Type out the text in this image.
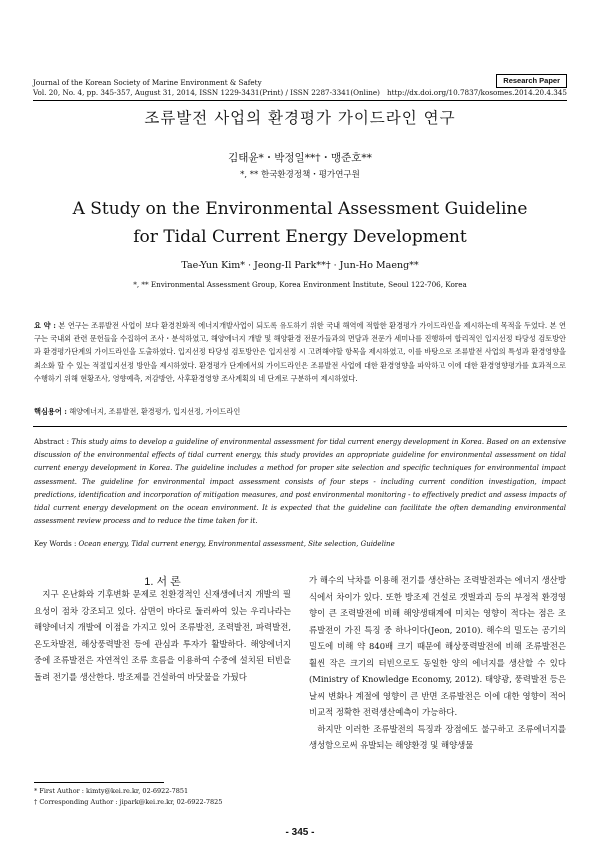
Journal of the Korean Society of Marine Environment & Safety	Research Paper
Vol. 20, No. 4, pp. 345-357, August 31, 2014, ISSN 1229-3431(Print) / ISSN 2287-3341(Online) http://dx.doi.org/10.7837/kosomes.2014.20.4.345
조류발전 사업의 환경평가 가이드라인 연구
김태윤*・박정일**†・맹준호**
*, ** 한국환경정책・평가연구원
A Study on the Environmental Assessment Guideline for Tidal Current Energy Development
Tae-Yun Kim* · Jeong-Il Park**† · Jun-Ho Maeng**
*, ** Environmental Assessment Group, Korea Environment Institute, Seoul 122-706, Korea
요 약 : 본 연구는 조류발전 사업이 보다 환경친화적 에너지개발사업이 되도록 유도하기 위한 국내 해역에 적합한 환경평가 가이드라인을 제시하는데 목적을 두었다. 본 연구는 국내외 관련 문헌들을 수집하여 조사・분석하였고, 해양에너지 개발 및 해양환경 전문가들과의 면담과 전문가 세미나를 진행하여 합리적인 입지선정 타당성 검토방안과 환경평가단계의 가이드라인을 도출하였다. 입지선정 타당성 검토방안은 입지선정 시 고려해야할 항목을 제시하였고, 이를 바탕으로 조류발전 사업의 특성과 환경영향을 최소화 할 수 있는 적절입지선정 방안을 제시하였다. 환경평가 단계에서의 가이드라인은 조류발전 사업에 대한 환경영향을 파악하고 이에 대한 환경영향평가를 효과적으로 수행하기 위해 현황조사, 영향예측, 저감방안, 사후환경영향 조사계획의 네 단계로 구분하여 제시하였다.
핵심용어 : 해양에너지, 조류발전, 환경평가, 입지선정, 가이드라인
Abstract : This study aims to develop a guideline of environmental assessment for tidal current energy development in Korea. Based on an extensive discussion of the environmental effects of tidal current energy, this study provides an appropriate guideline for environmental assessment on tidal current energy development in Korea. The guideline includes a method for proper site selection and specific techniques for environmental impact assessment. The guideline for environmental impact assessment consists of four steps - including current condition investigation, impact predictions, identification and incorporation of mitigation measures, and post environmental monitoring - to effectively predict and assess impacts of tidal current energy development on the ocean environment. It is expected that the guideline can facilitate the often demanding environmental assessment review process and to reduce the time taken for it.
Key Words : Ocean energy, Tidal current energy, Environmental assessment, Site selection, Guideline
1. 서 론

지구 온난화와 기후변화 문제로 친환경적인 신재생에너지 개발의 필요성이 점차 강조되고 있다. 삼면이 바다로 둘러싸여 있는 우리나라는 해양에너지 개발에 이점을 가지고 있어 조류발전, 조력발전, 파력발전, 온도차발전, 해상풍력발전 등에 관심과 투자가 활발하다. 해양에너지 중에 조류발전은 자연적인 조류 흐름을 이용하여 수중에 설치된 터빈을 돌려 전기를 생산한다. 방조제를 건설하여 바닷물을 가뒀다

가 해수의 낙차를 이용해 전기를 생산하는 조력발전과는 에너지 생산방식에서 차이가 있다. 또한 방조제 건설로 갯벌과괴 등의 부정적 환경영향이 큰 조력발전에 비해 해양생태계에 미치는 영향이 적다는 점은 조류발전이 가진 특징 중 하나이다(Jeon, 2010). 해수의 밀도는 공기의 밀도에 비해 약 840배 크기 때문에 해상풍력발전에 비해 조류발전은 훨씬 작은 크기의 터빈으로도 동일한 양의 에너지를 생산할 수 있다(Ministry of Knowledge Economy, 2012). 태양광, 풍력발전 등은 날씨 변화나 계절에 영향이 큰 반면 조류발전은 이에 대한 영향이 적어 비교적 정확한 전력생산예측이 가능하다.

하지만 이러한 조류발전의 특징과 장점에도 불구하고 조류에너지를 생성함으로써 유발되는 해양환경 및 해양생물

* First Author : kimty@kei.re.kr, 02-6922-7851
† Corresponding Author : jipark@kei.re.kr, 02-6922-7825
- 345 -
